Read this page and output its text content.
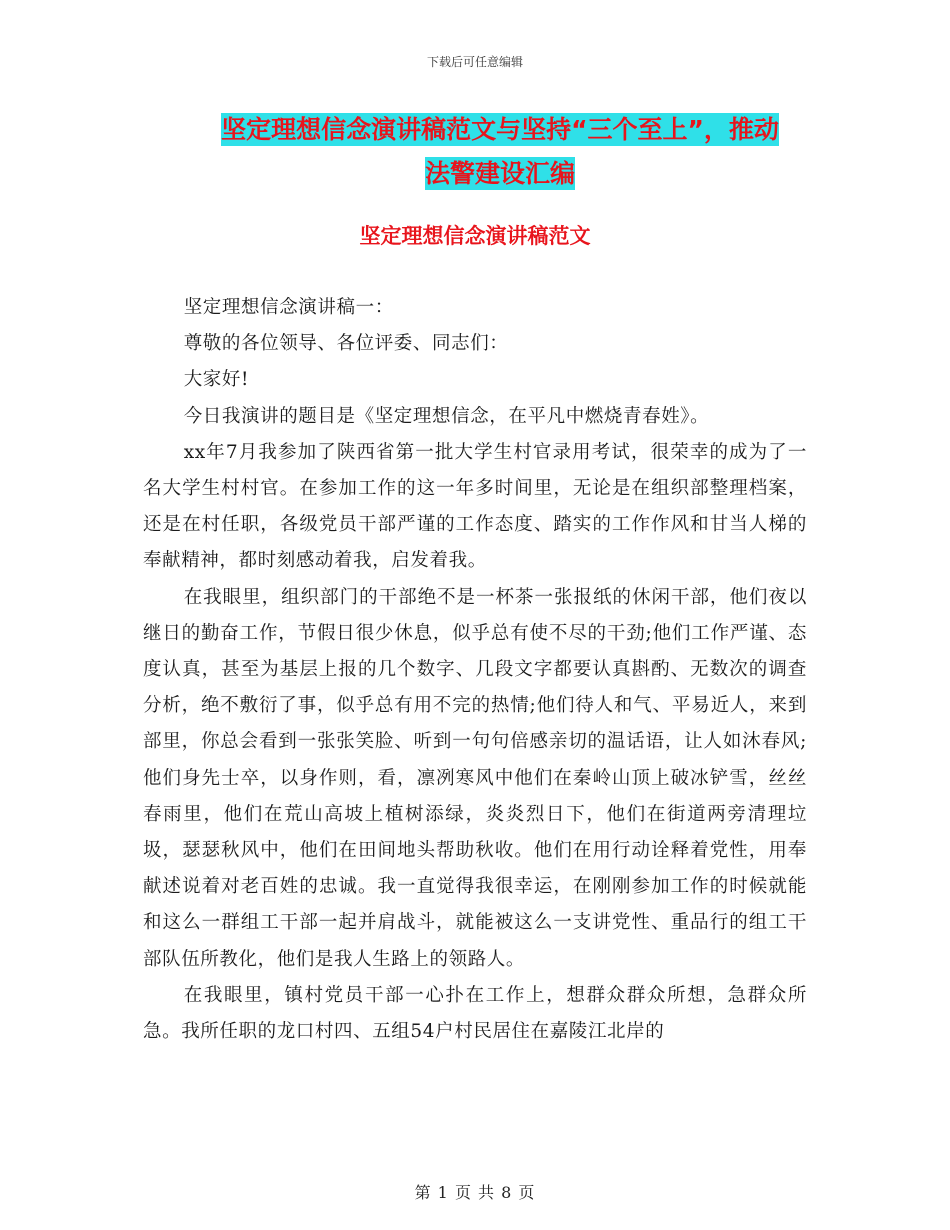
下载后可任意编辑
坚定理想信念演讲稿范文与坚持“三个至上”，推动
法警建设汇编
坚定理想信念演讲稿范文

坚定理想信念演讲稿一：

尊敬的各位领导、各位评委、同志们：

大家好!

今日我演讲的题目是《坚定理想信念，在平凡中燃烧青春姓》。

xx年7月我参加了陕西省第一批大学生村官录用考试，很荣幸的成为了一名大学生村村官。在参加工作的这一年多时间里，无论是在组织部整理档案，还是在村任职，各级党员干部严谨的工作态度、踏实的工作作风和甘当人梯的奉献精神，都时刻感动着我，启发着我。

在我眼里，组织部门的干部绝不是一杯茶一张报纸的休闲干部，他们夜以继日的勤奋工作，节假日很少休息，似乎总有使不尽的干劲;他们工作严谨、态度认真，甚至为基层上报的几个数字、几段文字都要认真斟酌、无数次的调查分析，绝不敷衍了事，似乎总有用不完的热情;他们待人和气、平易近人，来到部里，你总会看到一张张笑脸、听到一句句倍感亲切的温话语，让人如沐春风;他们身先士卒，以身作则，看，凛冽寒风中他们在秦岭山顶上破冰铲雪，丝丝春雨里，他们在荒山高坡上植树添绿，炎炎烈日下，他们在街道两旁清理垃圾，瑟瑟秋风中，他们在田间地头帮助秋收。他们在用行动诠释着党性，用奉献述说着对老百姓的忠诚。我一直觉得我很幸运，在刚刚参加工作的时候就能和这么一群组工干部一起并肩战斗，就能被这么一支讲党性、重品行的组工干部队伍所教化，他们是我人生路上的领路人。

在我眼里，镇村党员干部一心扑在工作上，想群众群众所想，急群众所急。我所任职的龙口村四、五组54户村民居住在嘉陵江北岸的

第 1 页 共 8 页
